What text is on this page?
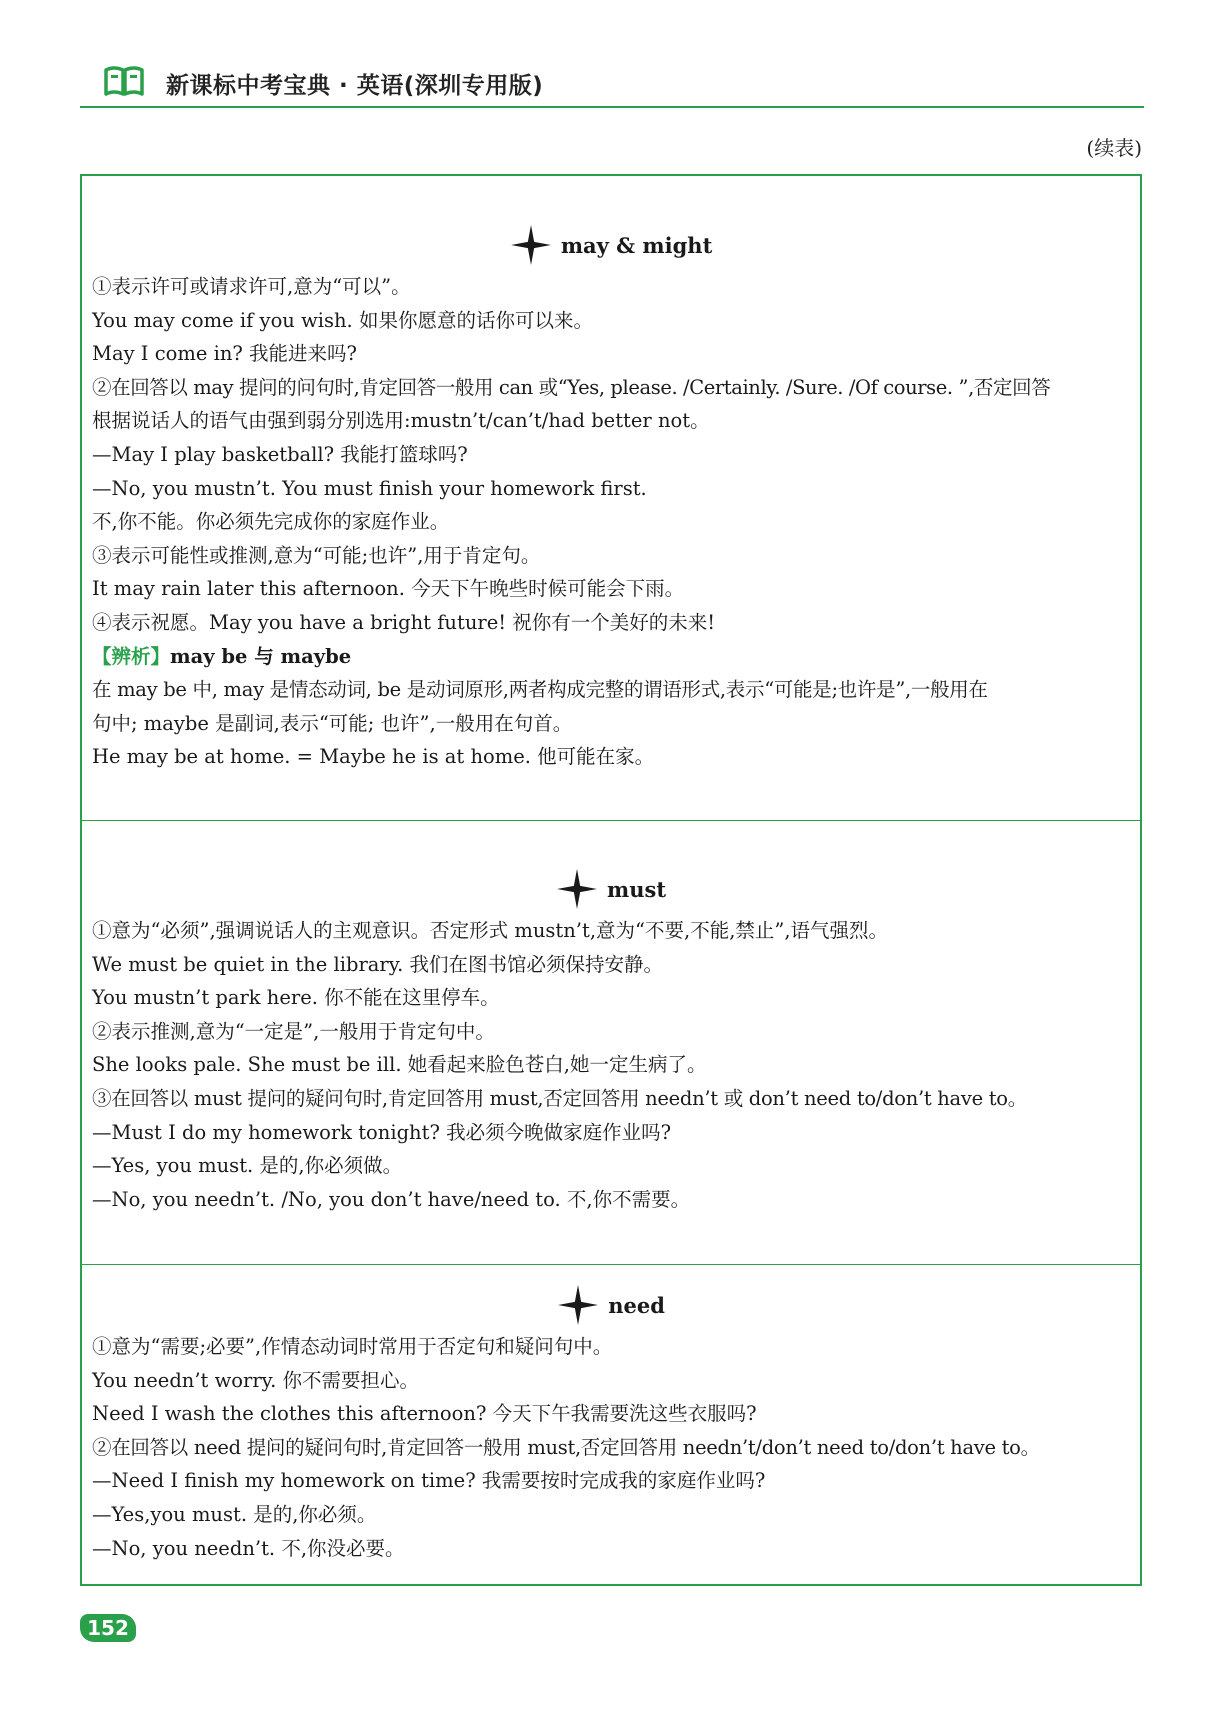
新课标中考宝典 · 英语(深圳专用版)
(续表)
may & might
①表示许可或请求许可,意为“可以”。
You may come if you wish. 如果你愿意的话你可以来。
May I come in? 我能进来吗?
②在回答以 may 提问的问句时,肯定回答一般用 can 或“Yes, please. /Certainly. /Sure. /Of course. ”,否定回答
根据说话人的语气由强到弱分别选用:mustn’t/can’t/had better not。
—May I play basketball? 我能打篮球吗?
—No, you mustn’t. You must finish your homework first.
不,你不能。你必须先完成你的家庭作业。
③表示可能性或推测,意为“可能;也许”,用于肯定句。
It may rain later this afternoon. 今天下午晚些时候可能会下雨。
④表示祝愿。May you have a bright future! 祝你有一个美好的未来!
【辨析】may be 与 maybe
在 may be 中, may 是情态动词, be 是动词原形,两者构成完整的谓语形式,表示“可能是;也许是”,一般用在
句中; maybe 是副词,表示“可能; 也许”,一般用在句首。
He may be at home. = Maybe he is at home. 他可能在家。
must
①意为“必须”,强调说话人的主观意识。否定形式 mustn’t,意为“不要,不能,禁止”,语气强烈。
We must be quiet in the library. 我们在图书馆必须保持安静。
You mustn’t park here. 你不能在这里停车。
②表示推测,意为“一定是”,一般用于肯定句中。
She looks pale. She must be ill. 她看起来脸色苍白,她一定生病了。
③在回答以 must 提问的疑问句时,肯定回答用 must,否定回答用 needn’t 或 don’t need to/don’t have to。
—Must I do my homework tonight? 我必须今晚做家庭作业吗?
—Yes, you must. 是的,你必须做。
—No, you needn’t. /No, you don’t have/need to. 不,你不需要。
need
①意为“需要;必要”,作情态动词时常用于否定句和疑问句中。
You needn’t worry. 你不需要担心。
Need I wash the clothes this afternoon? 今天下午我需要洗这些衣服吗?
②在回答以 need 提问的疑问句时,肯定回答一般用 must,否定回答用 needn’t/don’t need to/don’t have to。
—Need I finish my homework on time? 我需要按时完成我的家庭作业吗?
—Yes,you must. 是的,你必须。
—No, you needn’t. 不,你没必要。
152
